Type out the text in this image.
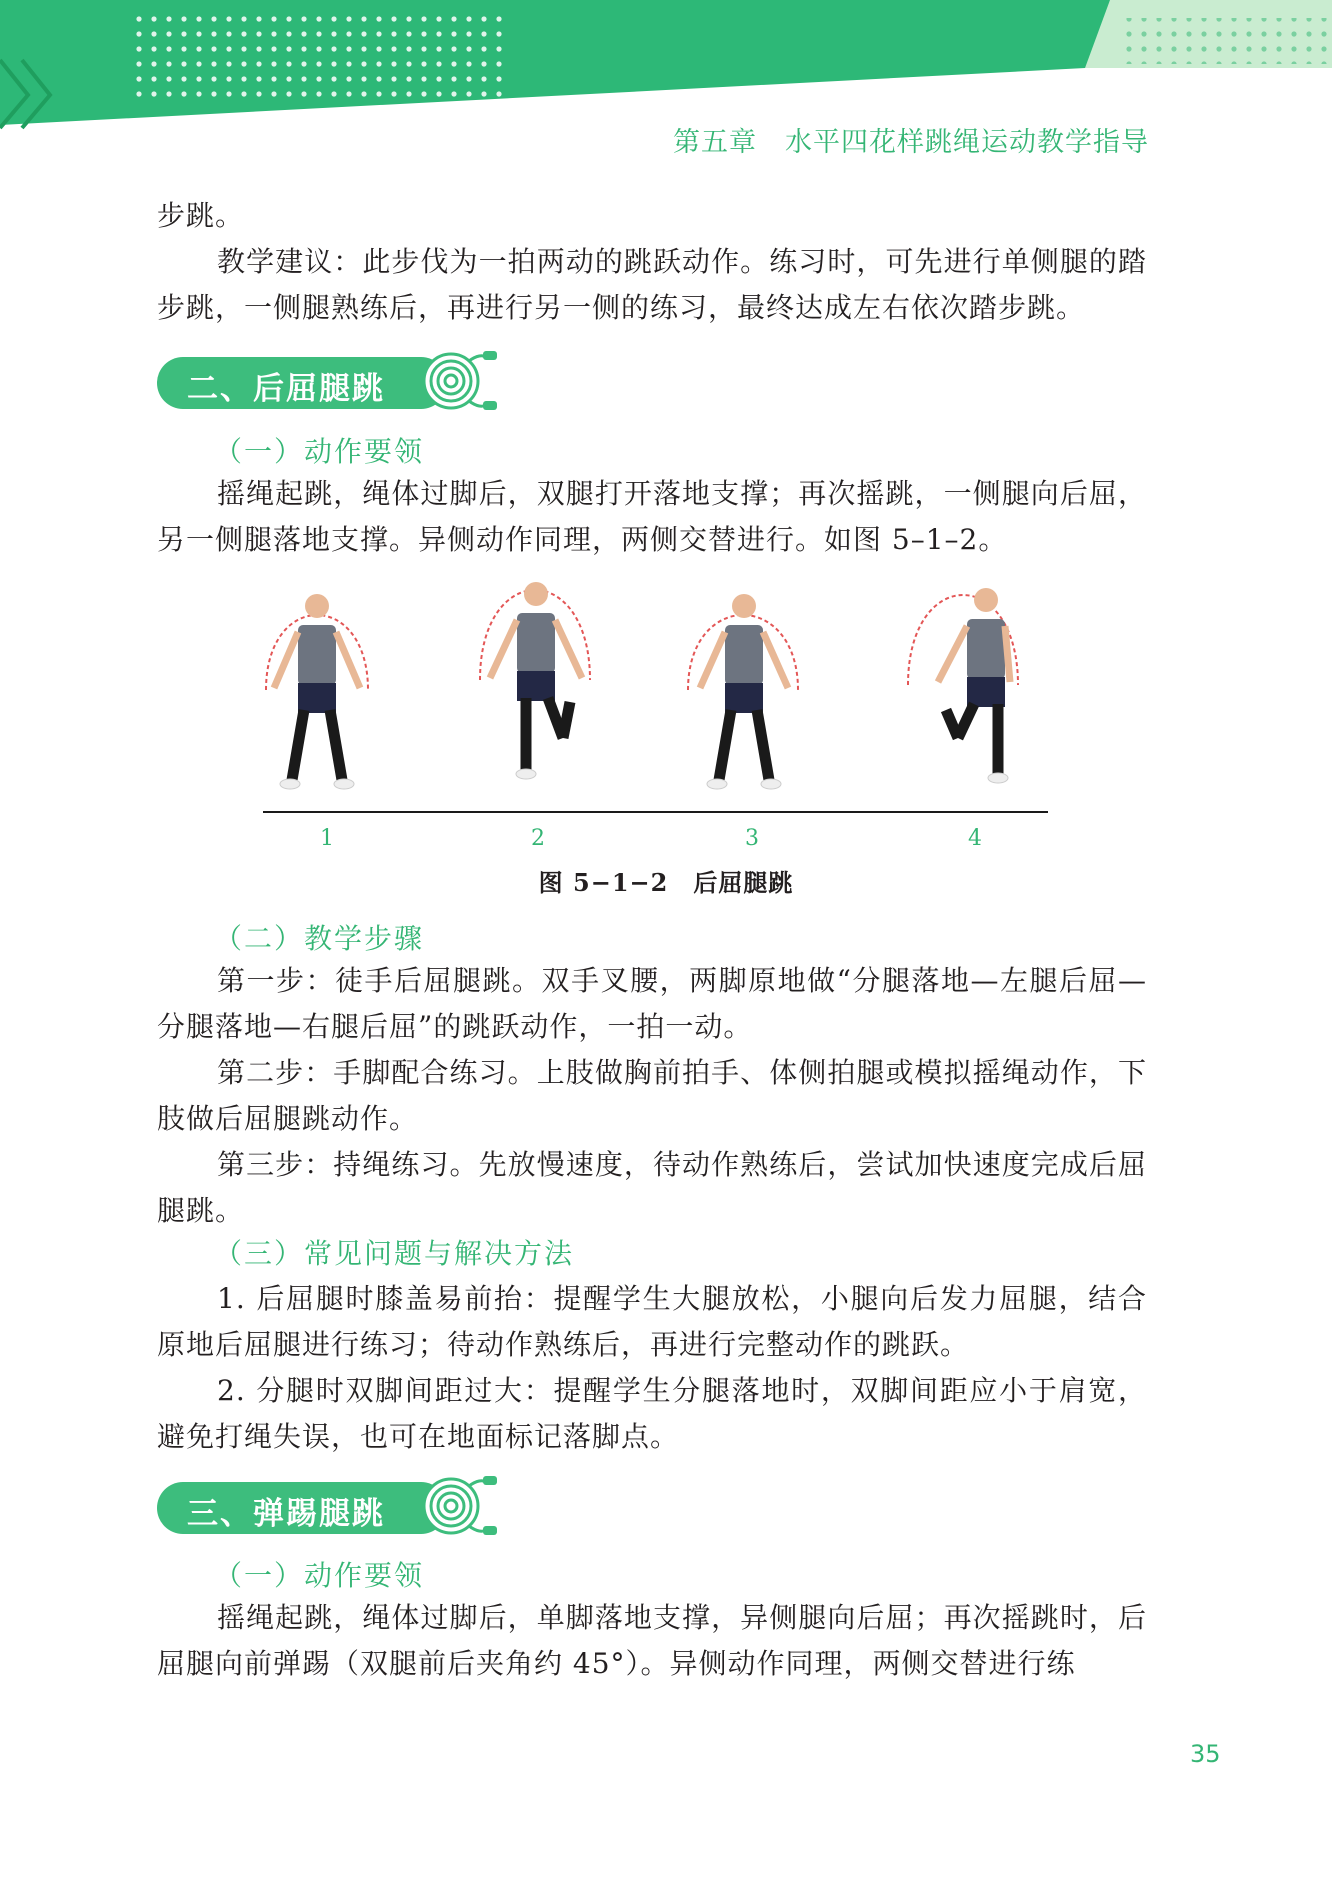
第五章　水平四花样跳绳运动教学指导

步跳。

教学建议：此步伐为一拍两动的跳跃动作。练习时，可先进行单侧腿的踏步跳，一侧腿熟练后，再进行另一侧的练习，最终达成左右依次踏步跳。

二、后屈腿跳
（一）动作要领

摇绳起跳，绳体过脚后，双腿打开落地支撑；再次摇跳，一侧腿向后屈，另一侧腿落地支撑。异侧动作同理，两侧交替进行。如图 5–1–2。

1	2	3	4
图 5−1−2　后屈腿跳
（二）教学步骤

第一步：徒手后屈腿跳。双手叉腰，两脚原地做“分腿落地—左腿后屈—分腿落地—右腿后屈”的跳跃动作，一拍一动。

第二步：手脚配合练习。上肢做胸前拍手、体侧拍腿或模拟摇绳动作，下肢做后屈腿跳动作。

第三步：持绳练习。先放慢速度，待动作熟练后，尝试加快速度完成后屈腿跳。

（三）常见问题与解决方法

1. 后屈腿时膝盖易前抬：提醒学生大腿放松，小腿向后发力屈腿，结合原地后屈腿进行练习；待动作熟练后，再进行完整动作的跳跃。

2. 分腿时双脚间距过大：提醒学生分腿落地时，双脚间距应小于肩宽，避免打绳失误，也可在地面标记落脚点。

三、弹踢腿跳
（一）动作要领

摇绳起跳，绳体过脚后，单脚落地支撑，异侧腿向后屈；再次摇跳时，后屈腿向前弹踢（双腿前后夹角约 45°）。异侧动作同理，两侧交替进行练

35
